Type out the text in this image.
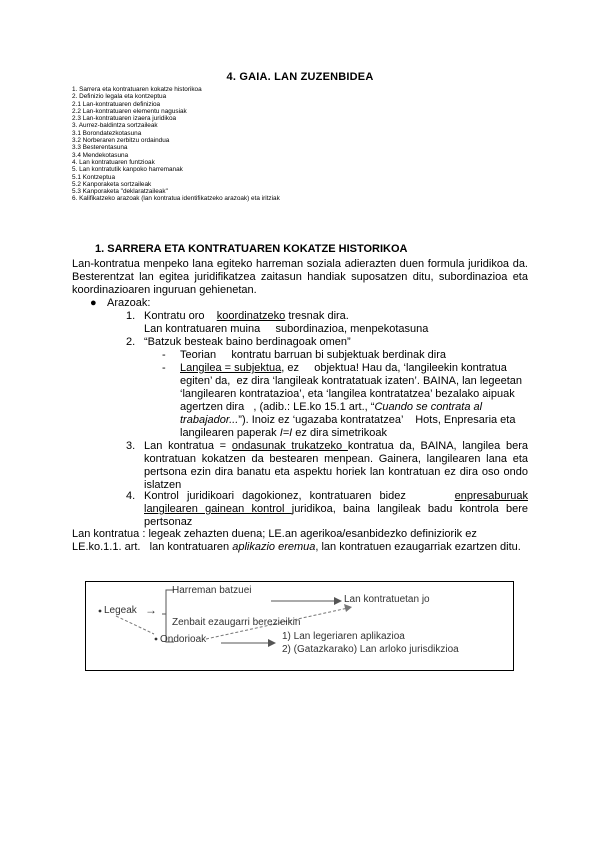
4. GAIA. LAN ZUZENBIDEA
1. Sarrera eta kontratuaren kokatze historikoa
2. Definizio legala eta kontzeptua
2.1 Lan-kontratuaren definizioa
2.2 Lan-kontratuaren elementu nagusiak
2.3 Lan-kontratuaren izaera juridikoa
3. Aurrez-baldintza sortzaileak
3.1 Borondatezkotasuna
3.2 Norberaren zerbitzu ordaindua
3.3 Besterentasuna
3.4 Mendekotasuna
4. Lan kontratuaren funtzioak
5. Lan kontratutik kanpoko harremanak
5.1 Kontzeptua
5.2 Kanporaketa sortzaileak
5.3 Kanporaketa "deklaratzaileak"
6. Kalifikatzeko arazoak (lan kontratua identifikatzeko arazoak) eta iritziak
1. SARRERA ETA KONTRATUAREN KOKATZE HISTORIKOA
Lan-kontratua menpeko lana egiteko harreman soziala adierazten duen formula juridikoa da. Besterentzat lan egitea juridifikatzea zaitasun handiak suposatzen ditu, subordinazioa eta koordinazioaren inguruan gehienetan.
● Arazoak:
1. Kontratu oro    koordinatzeko tresnak dira.
Lan kontratuaren muina     subordinazioa, menpekotasuna
2. “Batzuk besteak baino berdinagoak omen”
- Teorian     kontratu barruan bi subjektuak berdinak dira
- Langilea = subjektua, ez     objektua! Hau da, ‘langileekin kontratua
egiten’ da,  ez dira ‘langileak kontratatuak izaten’. BAINA, lan legeetan
‘langilearen kontratazioa’, eta ‘langilea kontratatzea’ bezalako aipuak
agertzen dira   , (adib.: LE.ko 15.1 art., “Cuando se contrata al
trabajador...”). Inoiz ez ‘ugazaba kontratatzea’    Hots, Enpresaria eta
langilearen paperak I=I ez dira simetrikoak
3. Lan kontratua = ondasunak trukatzeko kontratua da, BAINA, langilea bera kontratuan kokatzen da bestearen menpean. Gainera, langilearen lana eta pertsona ezin dira banatu eta aspektu horiek lan kontratuan ez dira oso ondo islatzen
4. Kontrol juridikoari dagokionez, kontratuaren bidez      enpresaburuak langilearen gainean kontrol juridikoa, baina langileak badu kontrola bere pertsonaz
Lan kontratua : legeak zehazten duena; LE.an agerikoa/esanbidezko definiziorik ez
LE.ko.1.1. art.   lan kontratuaren aplikazio eremua, lan kontratuen ezaugarriak ezartzen ditu.
Legeak →
Harreman batzuei
Zenbait ezaugarri berezieikin
Lan kontratuetan jo
Ondorioak	1) Lan legeriaren aplikazioa
2) (Gatazkarako) Lan arloko jurisdikzioa
